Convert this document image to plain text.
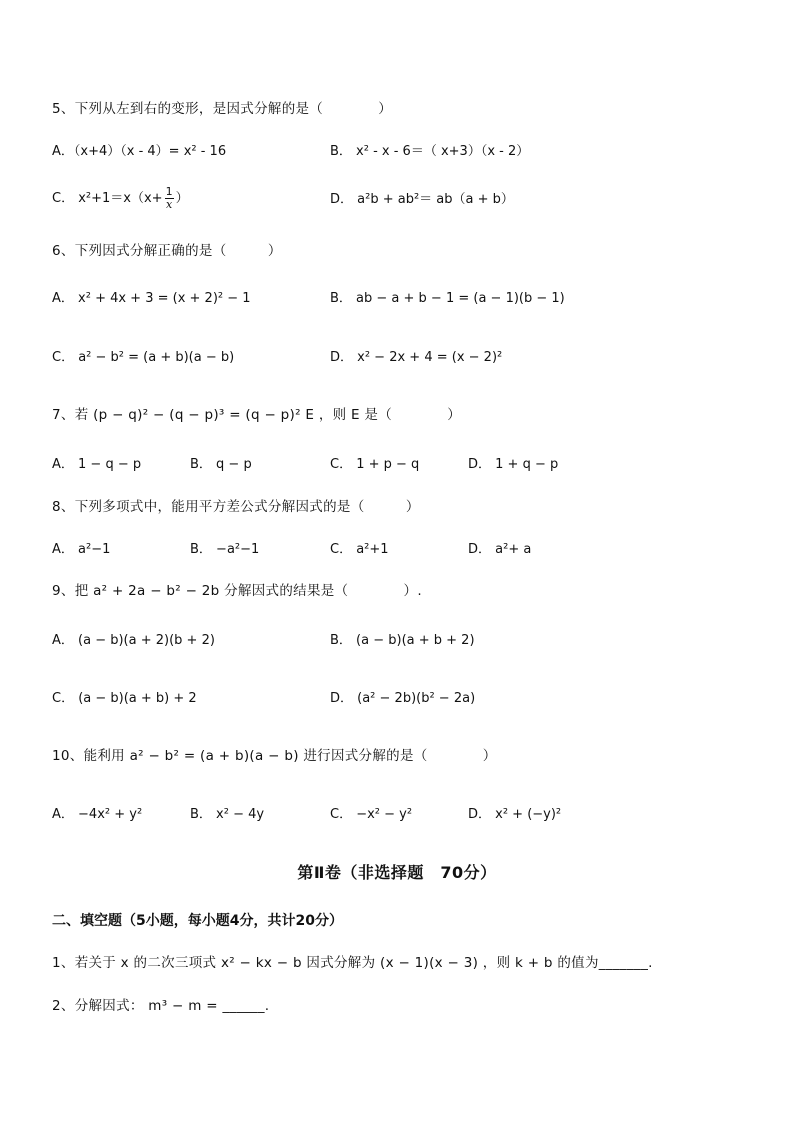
5、下列从左到右的变形，是因式分解的是（　　　　）
A．（x+4）（x - 4）= x² - 16	B． x² - x - 6＝（ x+3）（x - 2）
C． $x^2+1=x(x+ \frac{1}{x}$ ）	D． a²b + ab²＝ ab（a + b）
6、下列因式分解正确的是（　　　）
A． x² + 4x + 3 = (x + 2)² − 1	B． ab − a + b − 1 = (a − 1)(b − 1)
C． a² − b² = (a + b)(a − b)	D． x² − 2x + 4 = (x − 2)²
7、若 (p − q)² − (q − p)³ = (q − p)² E ，则 E 是（　　　　）
A． 1 − q − p	B． q − p	C． 1 + p − q	D． 1 + q − p
8、下列多项式中，能用平方差公式分解因式的是（　　　）
A． a²−1	B． −a²−1	C． a²+1	D． a²+ a
9、把 a² + 2a − b² − 2b 分解因式的结果是（　　　　）.
A． (a − b)(a + 2)(b + 2)	B． (a − b)(a + b + 2)
C． (a − b)(a + b) + 2	D． (a² − 2b)(b² − 2a)
10、能利用 a² − b² = (a + b)(a − b) 进行因式分解的是（　　　　）
A． −4x² + y²	B． x² − 4y	C． −x² − y²	D． x² + (−y)²
第Ⅱ卷（非选择题　70分）
二、填空题（5小题，每小题4分，共计20分）
1、若关于 x 的二次三项式 x² − kx − b 因式分解为 (x − 1)(x − 3) ，则 k + b 的值为_______.
2、分解因式： m³ − m = ______.
